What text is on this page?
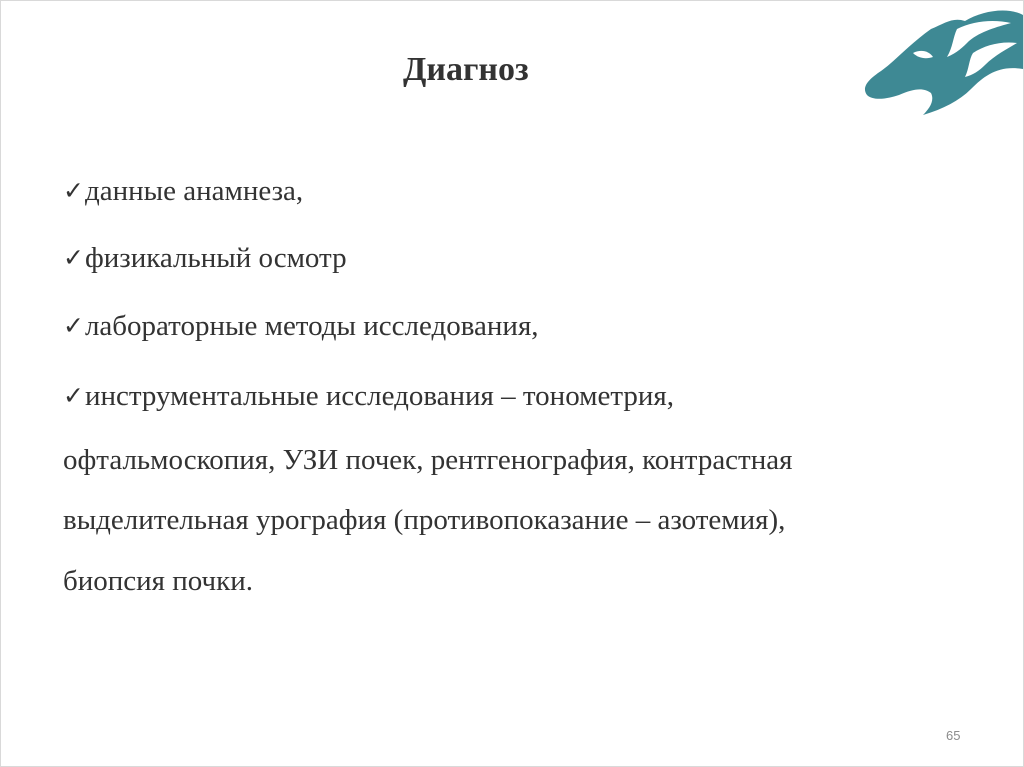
Диагноз
✓данные анамнеза,
✓физикальный осмотр
✓лабораторные методы исследования,
✓инструментальные исследования – тонометрия,
офтальмоскопия, УЗИ почек, рентгенография, контрастная
выделительная урография (противопоказание – азотемия),
биопсия почки.
65
